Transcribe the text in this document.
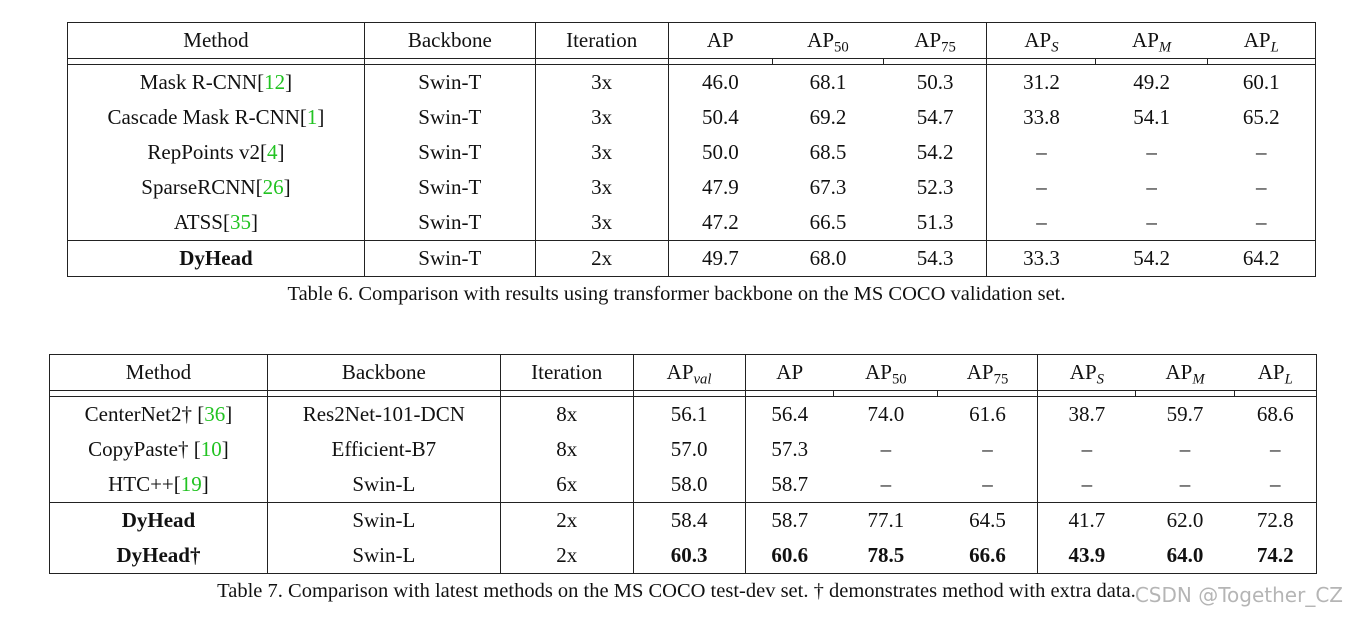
Method	Backbone	Iteration	AP	$AP_{50}$	$AP_{75}$	$AP_S$	$AP_M$	$AP_L$

Mask R-CNN[12]	Swin-T	3x	46.0	68.1	50.3	31.2	49.2	60.1
Cascade Mask R-CNN[1]	Swin-T	3x	50.4	69.2	54.7	33.8	54.1	65.2
RepPoints v2[4]	Swin-T	3x	50.0	68.5	54.2	–	–	–
SparseRCNN[26]	Swin-T	3x	47.9	67.3	52.3	–	–	–
ATSS[35]	Swin-T	3x	47.2	66.5	51.3	–	–	–
DyHead	Swin-T	2x	49.7	68.0	54.3	33.3	54.2	64.2
Table 6. Comparison with results using transformer backbone on the MS COCO validation set.
Method	Backbone	Iteration	$AP_{val}$	AP	$AP_{50}$	$AP_{75}$	$AP_S$	$AP_M$	$AP_L$

CenterNet2† [36]	Res2Net-101-DCN	8x	56.1	56.4	74.0	61.6	38.7	59.7	68.6
CopyPaste† [10]	Efficient-B7	8x	57.0	57.3	–	–	–	–	–
HTC++[19]	Swin-L	6x	58.0	58.7	–	–	–	–	–
DyHead	Swin-L	2x	58.4	58.7	77.1	64.5	41.7	62.0	72.8
DyHead†	Swin-L	2x	60.3	60.6	78.5	66.6	43.9	64.0	74.2
Table 7. Comparison with latest methods on the MS COCO test-dev set. † demonstrates method with extra data. CSDN @Together_CZ
